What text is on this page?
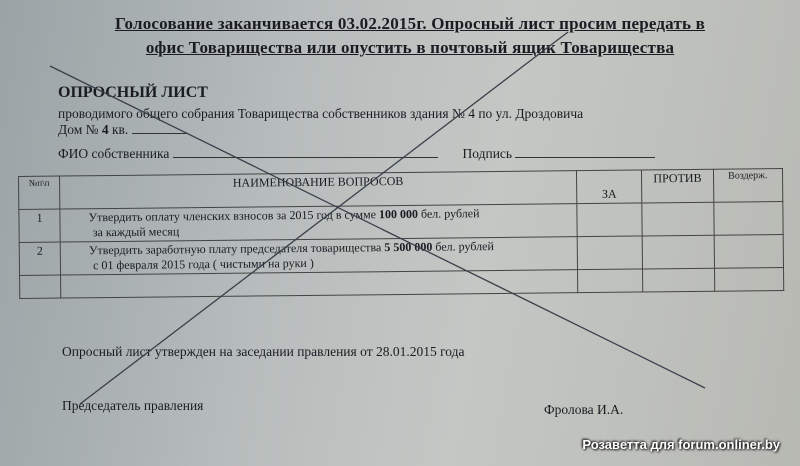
Голосование заканчивается 03.02.2015г. Опросный лист просим передать в
офис Товарищества или опустить в почтовый ящик Товарищества
ОПРОСНЫЙ ЛИСТ
проводимого общего собрания Товарищества собственников здания № 4 по ул. Дроздовича
Дом № 4 кв.
ФИО собственника	Подпись
№п\п	НАИМЕНОВАНИЕ ВОПРОСОВ	ЗА	ПРОТИВ	Воздерж.
1	Утвердить оплату членских взносов за 2015 год в сумме 100 000 бел. рублей
за каждый месяц			

2	Утвердить заработную плату председателя товарищества 5 500 000 бел. рублей
с 01 февраля 2015 года ( чистыми на руки )			

Опросный лист утвержден на заседании правления от 28.01.2015 года
Председатель правления	Фролова И.А.
Розаветта для forum.onliner.by
